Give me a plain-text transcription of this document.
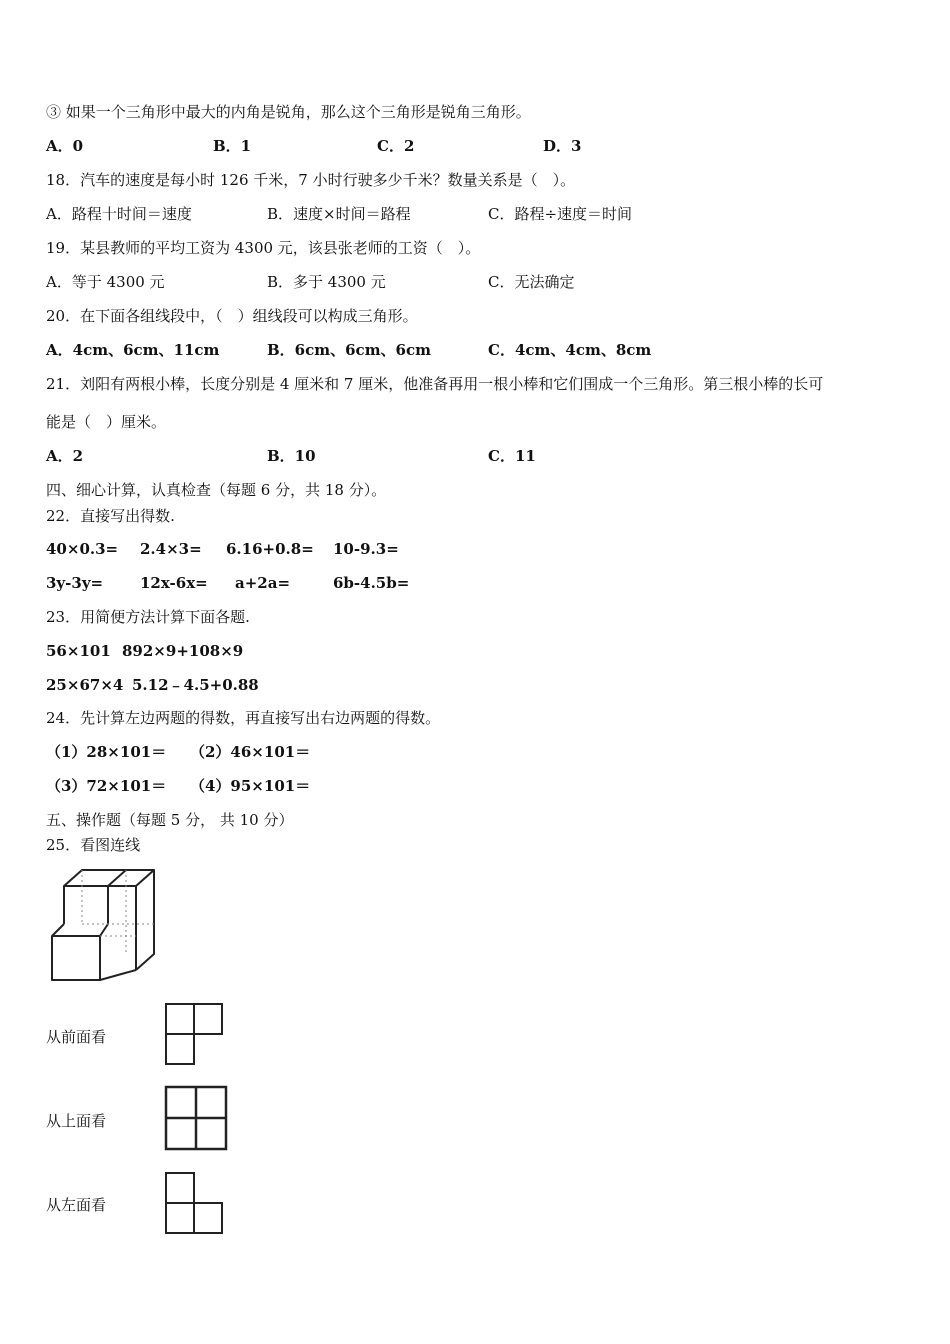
③ 如果一个三角形中最大的内角是锐角，那么这个三角形是锐角三角形。
A．0	B．1	C．2	D．3
18．汽车的速度是每小时 126 千米，7 小时行驶多少千米？数量关系是（　）。
A．路程十时间＝速度	B．速度×时间＝路程	C．路程÷速度＝时间
19．某县教师的平均工资为 4300 元，该县张老师的工资（　）。
A．等于 4300 元	B．多于 4300 元	C．无法确定
20．在下面各组线段中，（　）组线段可以构成三角形。
A．4cm、6cm、11cm	B．6cm、6cm、6cm	C．4cm、4cm、8cm
21．刘阳有两根小棒，长度分别是 4 厘米和 7 厘米，他准备再用一根小棒和它们围成一个三角形。第三根小棒的长可
能是（　）厘米。
A．2	B．10	C．11
四、细心计算，认真检查（每题 6 分，共 18 分）。
22．直接写出得数.
40×0.3= 2.4×3= 6.16+0.8= 10-9.3=
3y-3y= 12x-6x= a+2a=	6b-4.5b=
23．用简便方法计算下面各题.
56×101 892×9+108×9
25×67×4 5.12﹣4.5+0.88
24．先计算左边两题的得数，再直接写出右边两题的得数。
（1）28×101＝ （2）46×101＝
（3）72×101＝ （4）95×101＝
五、操作题（每题 5 分， 共 10 分）
25．看图连线
从前面看
从上面看
从左面看
